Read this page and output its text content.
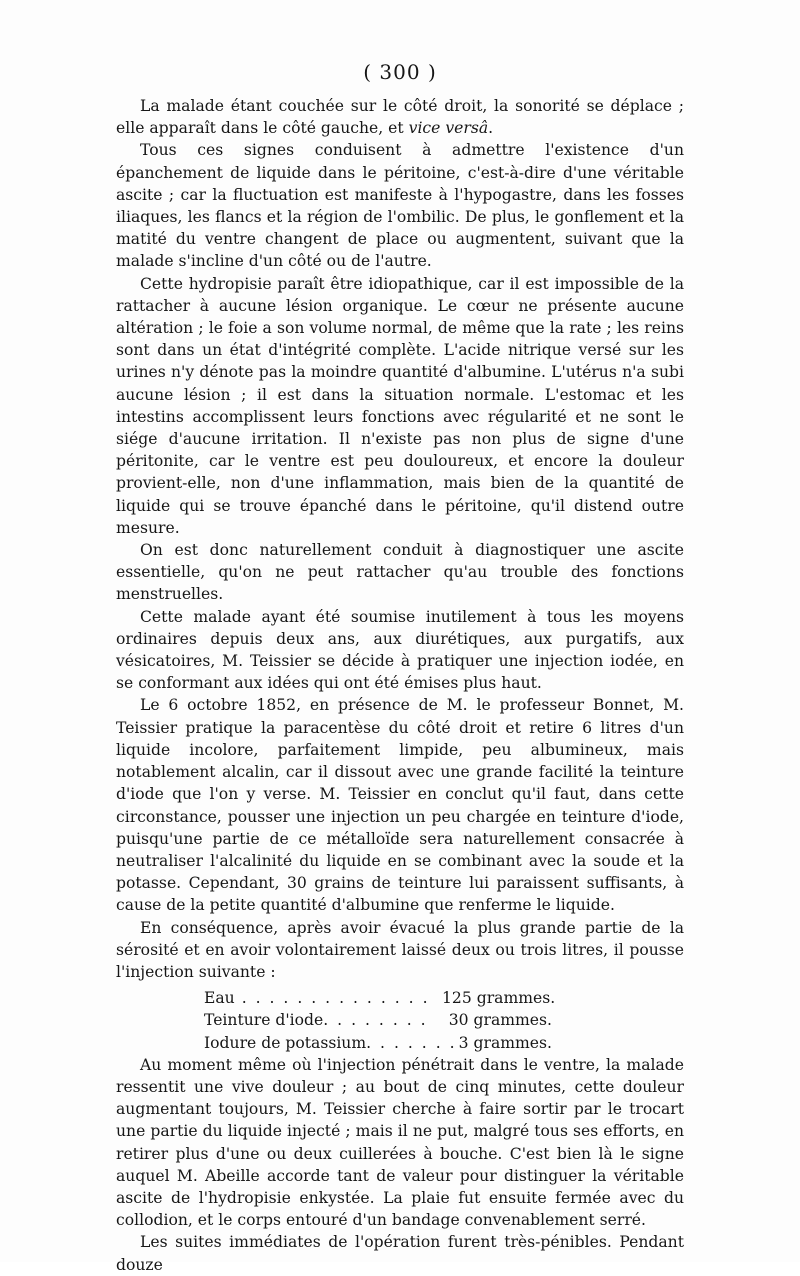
( 300 )

La malade étant couchée sur le côté droit, la sonorité se déplace ; elle apparaît dans le côté gauche, et vice versâ.

Tous ces signes conduisent à admettre l'existence d'un épanchement de liquide dans le péritoine, c'est-à-dire d'une véritable ascite ; car la fluctuation est manifeste à l'hypogastre, dans les fosses iliaques, les flancs et la région de l'ombilic. De plus, le gonflement et la matité du ventre changent de place ou augmentent, suivant que la malade s'incline d'un côté ou de l'autre.

Cette hydropisie paraît être idiopathique, car il est impossible de la rattacher à aucune lésion organique. Le cœur ne présente aucune altération ; le foie a son volume normal, de même que la rate ; les reins sont dans un état d'intégrité complète. L'acide nitrique versé sur les urines n'y dénote pas la moindre quantité d'albumine. L'utérus n'a subi aucune lésion ; il est dans la situation normale. L'estomac et les intestins accomplissent leurs fonctions avec régularité et ne sont le siége d'aucune irritation. Il n'existe pas non plus de signe d'une péritonite, car le ventre est peu douloureux, et encore la douleur provient-elle, non d'une inflammation, mais bien de la quantité de liquide qui se trouve épanché dans le péritoine, qu'il distend outre mesure.

On est donc naturellement conduit à diagnostiquer une ascite essentielle, qu'on ne peut rattacher qu'au trouble des fonctions menstruelles.

Cette malade ayant été soumise inutilement à tous les moyens ordinaires depuis deux ans, aux diurétiques, aux purgatifs, aux vésicatoires, M. Teissier se décide à pratiquer une injection iodée, en se conformant aux idées qui ont été émises plus haut.

Le 6 octobre 1852, en présence de M. le professeur Bonnet, M. Teissier pratique la paracentèse du côté droit et retire 6 litres d'un liquide incolore, parfaitement limpide, peu albumineux, mais notablement alcalin, car il dissout avec une grande facilité la teinture d'iode que l'on y verse. M. Teissier en conclut qu'il faut, dans cette circonstance, pousser une injection un peu chargée en teinture d'iode, puisqu'une partie de ce métalloïde sera naturellement consacrée à neutraliser l'alcalinité du liquide en se combinant avec la soude et la potasse. Cependant, 30 grains de teinture lui paraissent suffisants, à cause de la petite quantité d'albumine que renferme le liquide.

En conséquence, après avoir évacué la plus grande partie de la sérosité et en avoir volontairement laissé deux ou trois litres, il pousse l'injection suivante :

Eau . . . . . . . . . . . . . . 125 grammes.
Teinture d'iode. . . . . . . .	30 grammes.
Iodure de potassium. . . . . . . 3 grammes.

Au moment même où l'injection pénétrait dans le ventre, la malade ressentit une vive douleur ; au bout de cinq minutes, cette douleur augmentant toujours, M. Teissier cherche à faire sortir par le trocart une partie du liquide injecté ; mais il ne put, malgré tous ses efforts, en retirer plus d'une ou deux cuillerées à bouche. C'est bien là le signe auquel M. Abeille accorde tant de valeur pour distinguer la véritable ascite de l'hydropisie enkystée. La plaie fut ensuite fermée avec du collodion, et le corps entouré d'un bandage convenablement serré.

Les suites immédiates de l'opération furent très-pénibles. Pendant douze
